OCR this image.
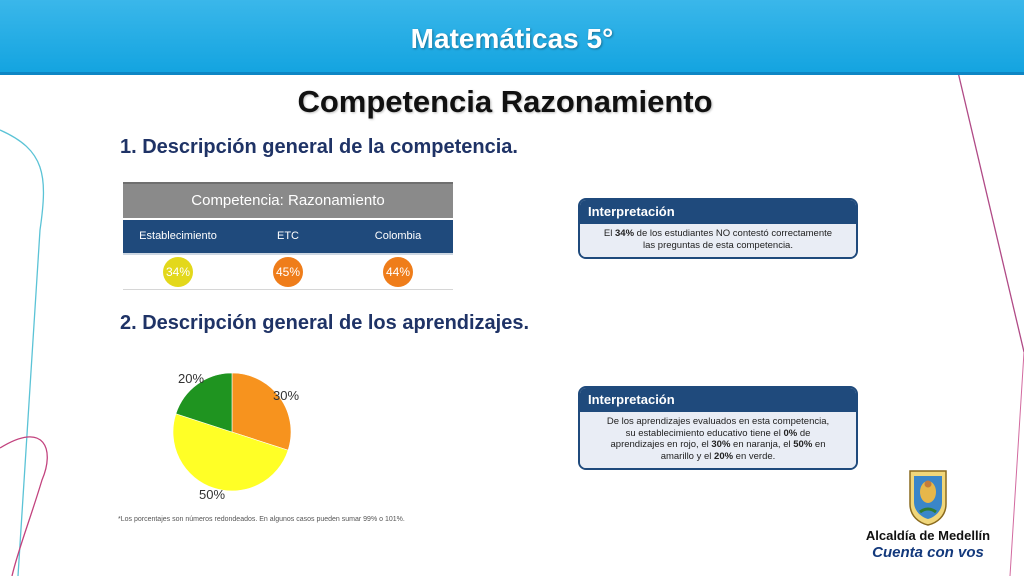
Matemáticas 5°
Competencia Razonamiento
1. Descripción general de la competencia.
Competencia: Razonamiento
Establecimiento	ETC	Colombia
34%	45%	44%
Interpretación
El 34% de los estudiantes NO contestó correctamente
las preguntas de esta competencia.
2. Descripción general de los aprendizajes.
20%
30%
50%
*Los porcentajes son números redondeados. En algunos casos pueden sumar 99% o 101%.
Interpretación
De los aprendizajes evaluados en esta competencia,
su establecimiento educativo tiene el 0% de
aprendizajes en rojo, el 30% en naranja, el 50% en
amarillo y el 20% en verde.
Alcaldía de Medellín
Cuenta con vos
